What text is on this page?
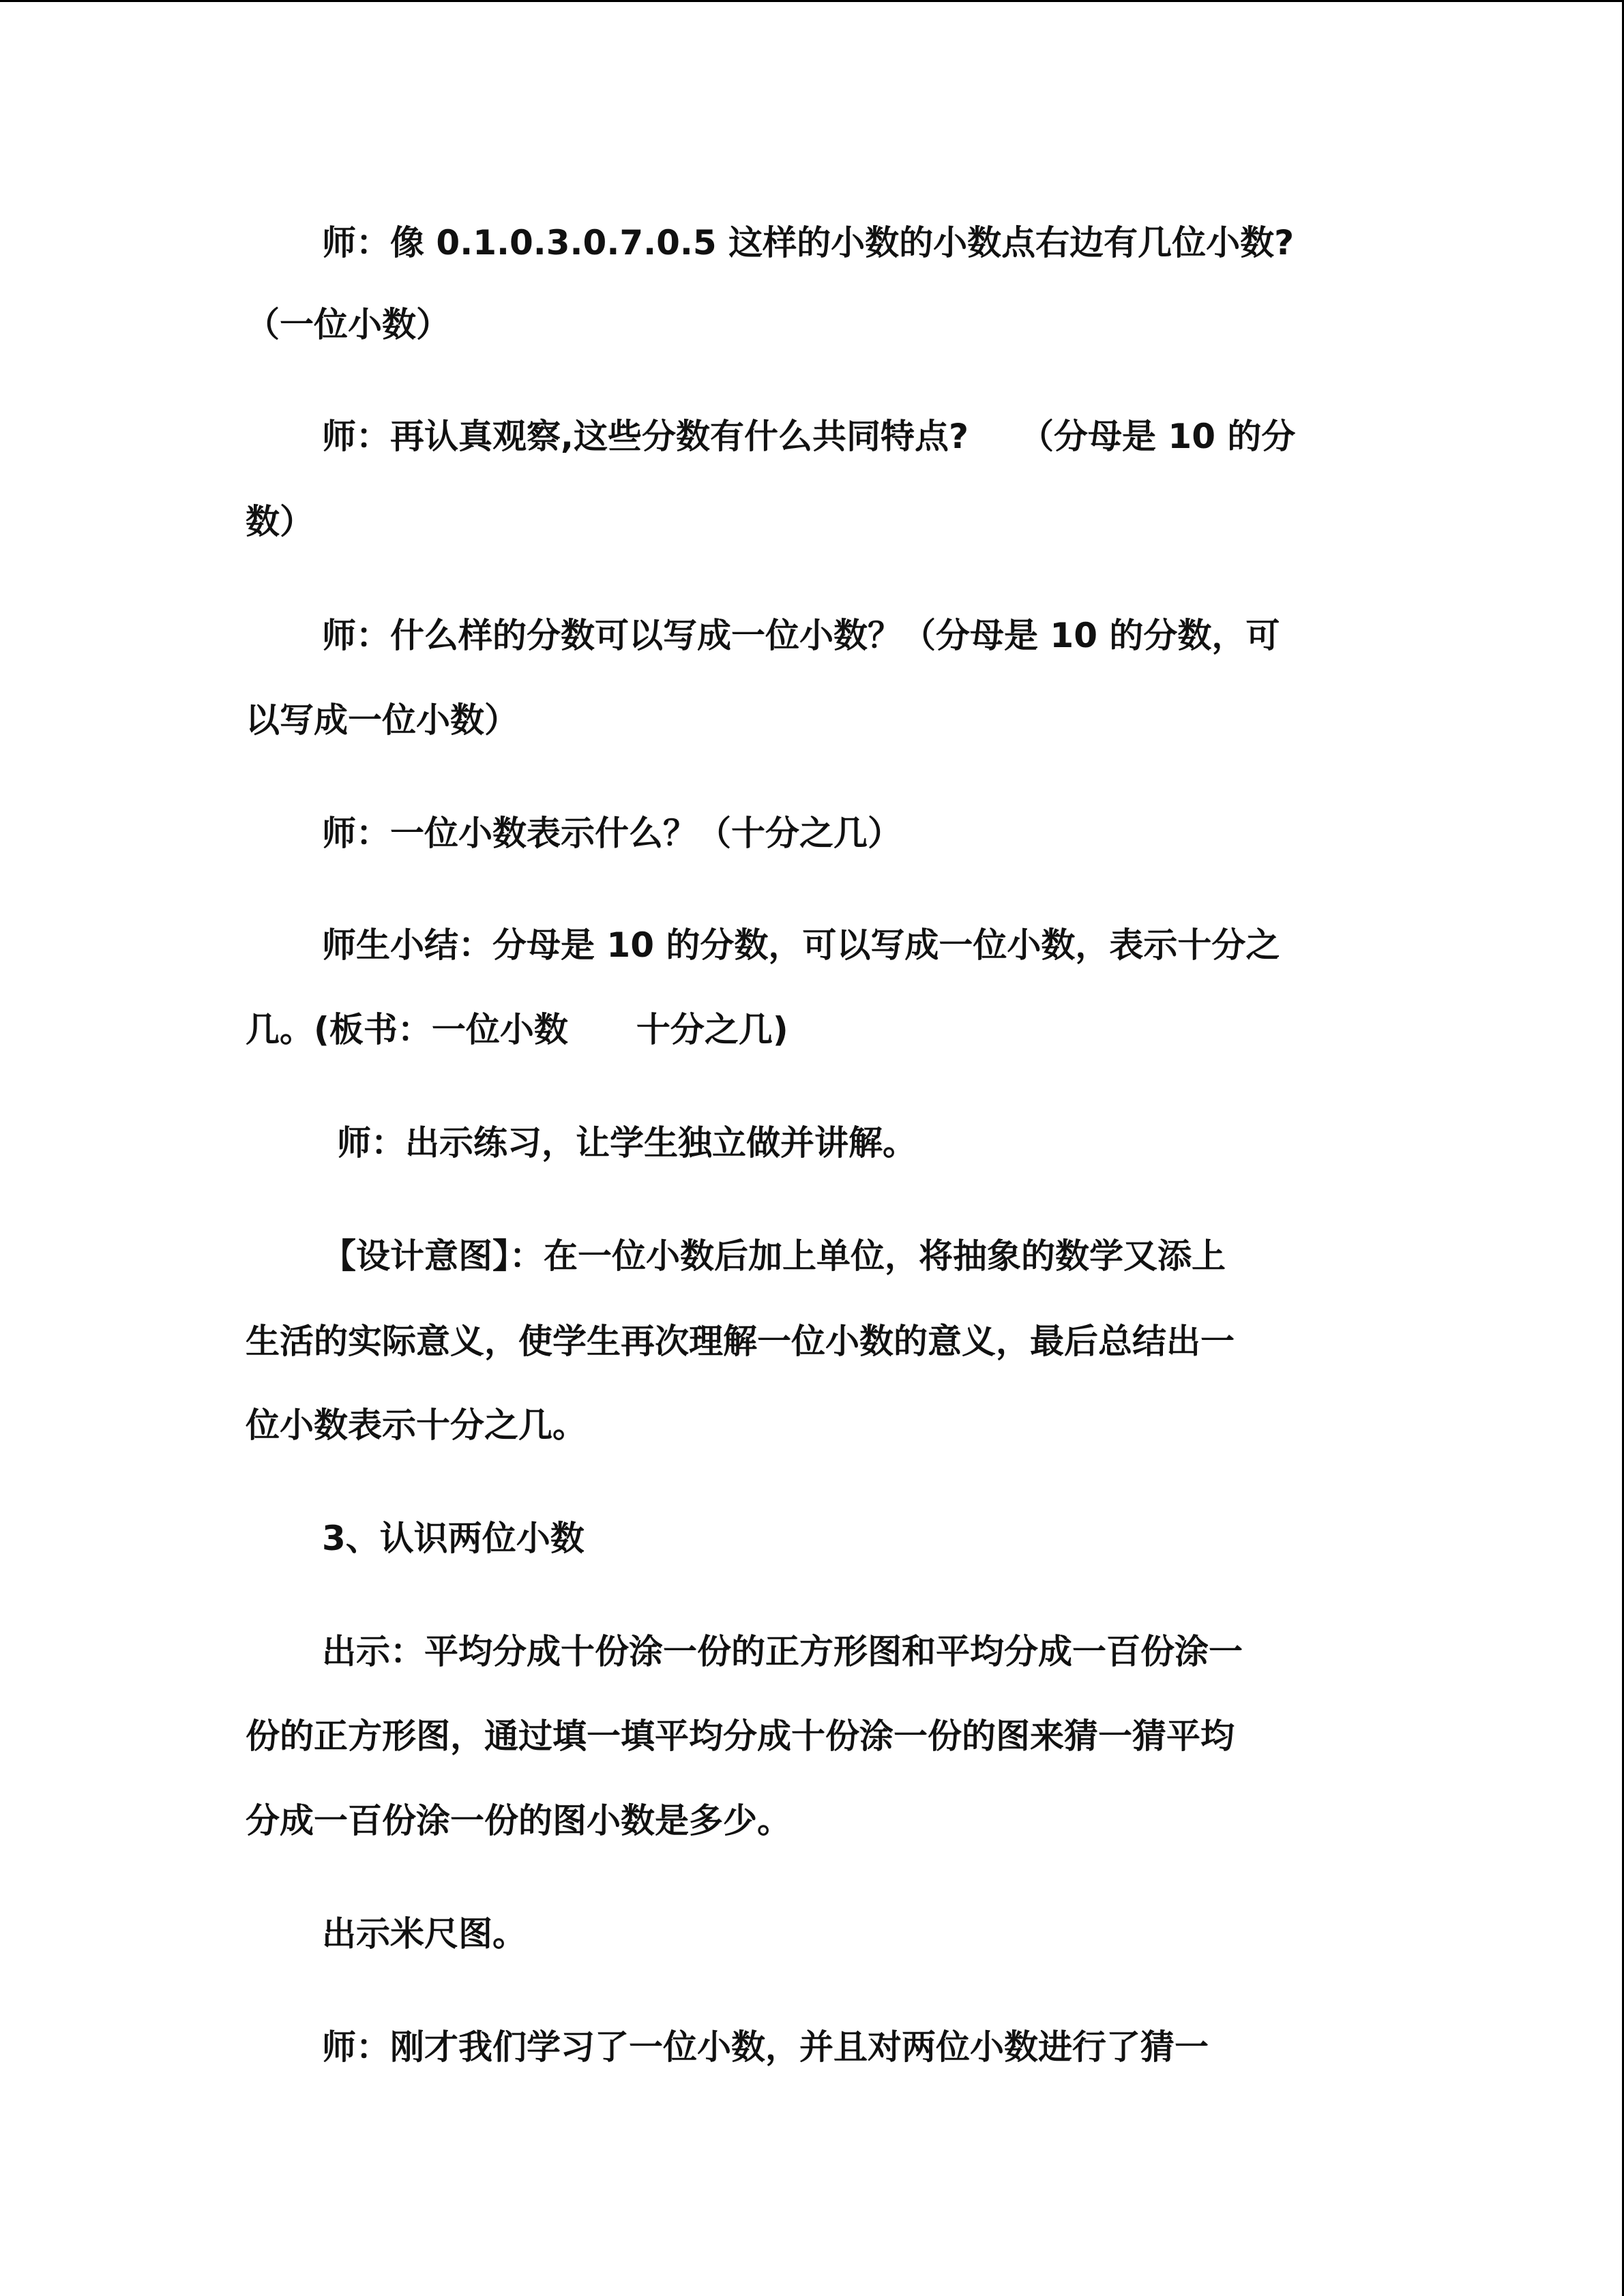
师：像 0.1.0.3.0.7.0.5 这样的小数的小数点右边有几位小数?
（一位小数）
师：再认真观察,这些分数有什么共同特点?　　（分母是 10 的分
数）
师：什么样的分数可以写成一位小数？（分母是 10 的分数，可
以写成一位小数）
师：一位小数表示什么？（十分之几）
师生小结：分母是 10 的分数，可以写成一位小数，表示十分之
几。(板书：一位小数　　十分之几)
师：出示练习，让学生独立做并讲解。
【设计意图】：在一位小数后加上单位，将抽象的数学又添上
生活的实际意义，使学生再次理解一位小数的意义，最后总结出一
位小数表示十分之几。
3、认识两位小数
出示：平均分成十份涂一份的正方形图和平均分成一百份涂一
份的正方形图，通过填一填平均分成十份涂一份的图来猜一猜平均
分成一百份涂一份的图小数是多少。
出示米尺图。
师：刚才我们学习了一位小数，并且对两位小数进行了猜一
